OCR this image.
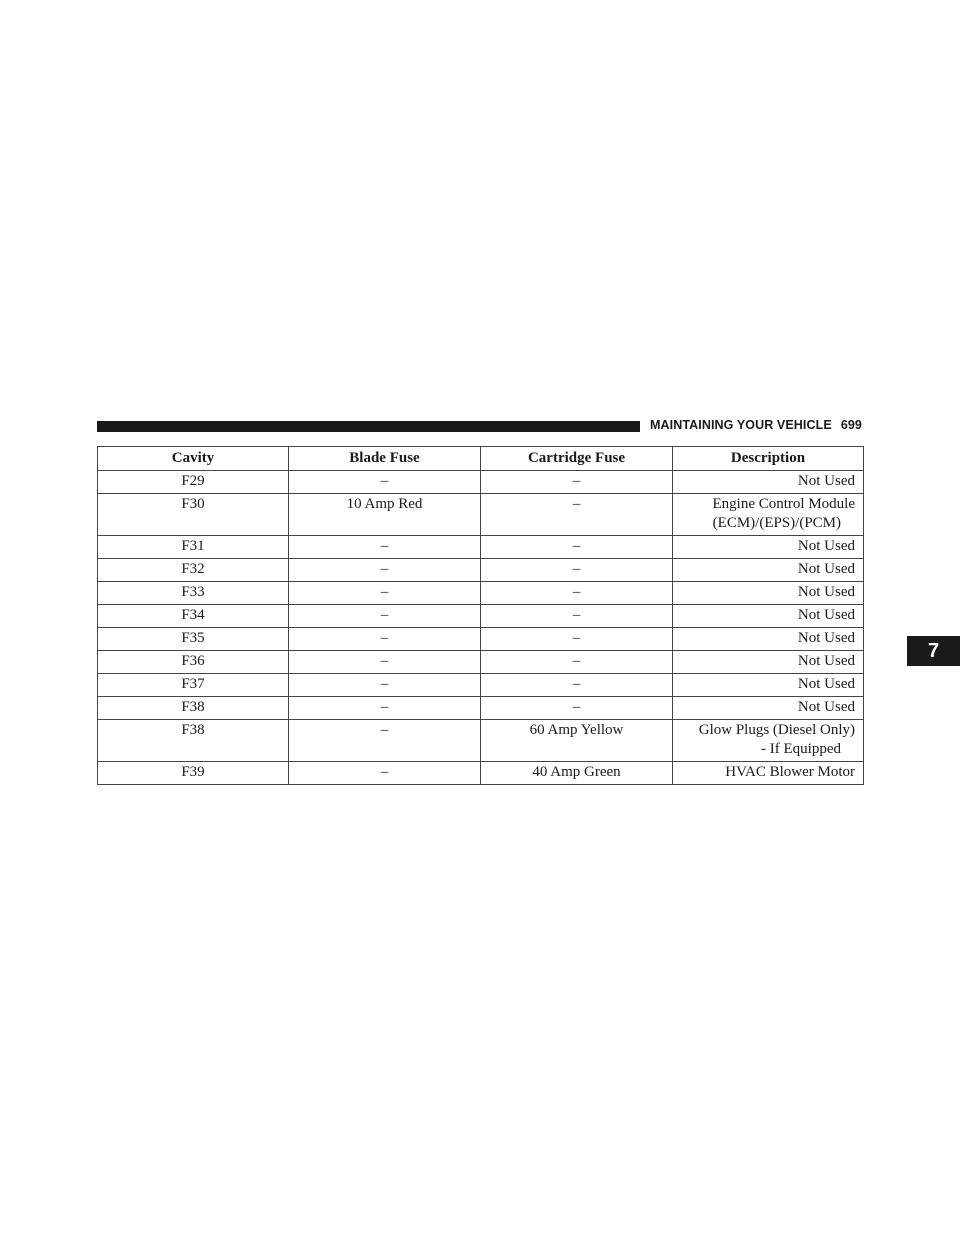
MAINTAINING YOUR VEHICLE 699
7
Cavity	Blade Fuse	Cartridge Fuse	Description
F29	–	–	Not Used

F30	10 Amp Red	–	Engine Control Module
(ECM)/(EPS)/(PCM)

F31	–	–	Not Used

F32	–	–	Not Used

F33	–	–	Not Used

F34	–	–	Not Used

F35	–	–	Not Used

F36	–	–	Not Used

F37	–	–	Not Used

F38	–	–	Not Used

F38	–	60 Amp Yellow	Glow Plugs (Diesel Only)
- If Equipped

F39	–	40 Amp Green	HVAC Blower Motor
